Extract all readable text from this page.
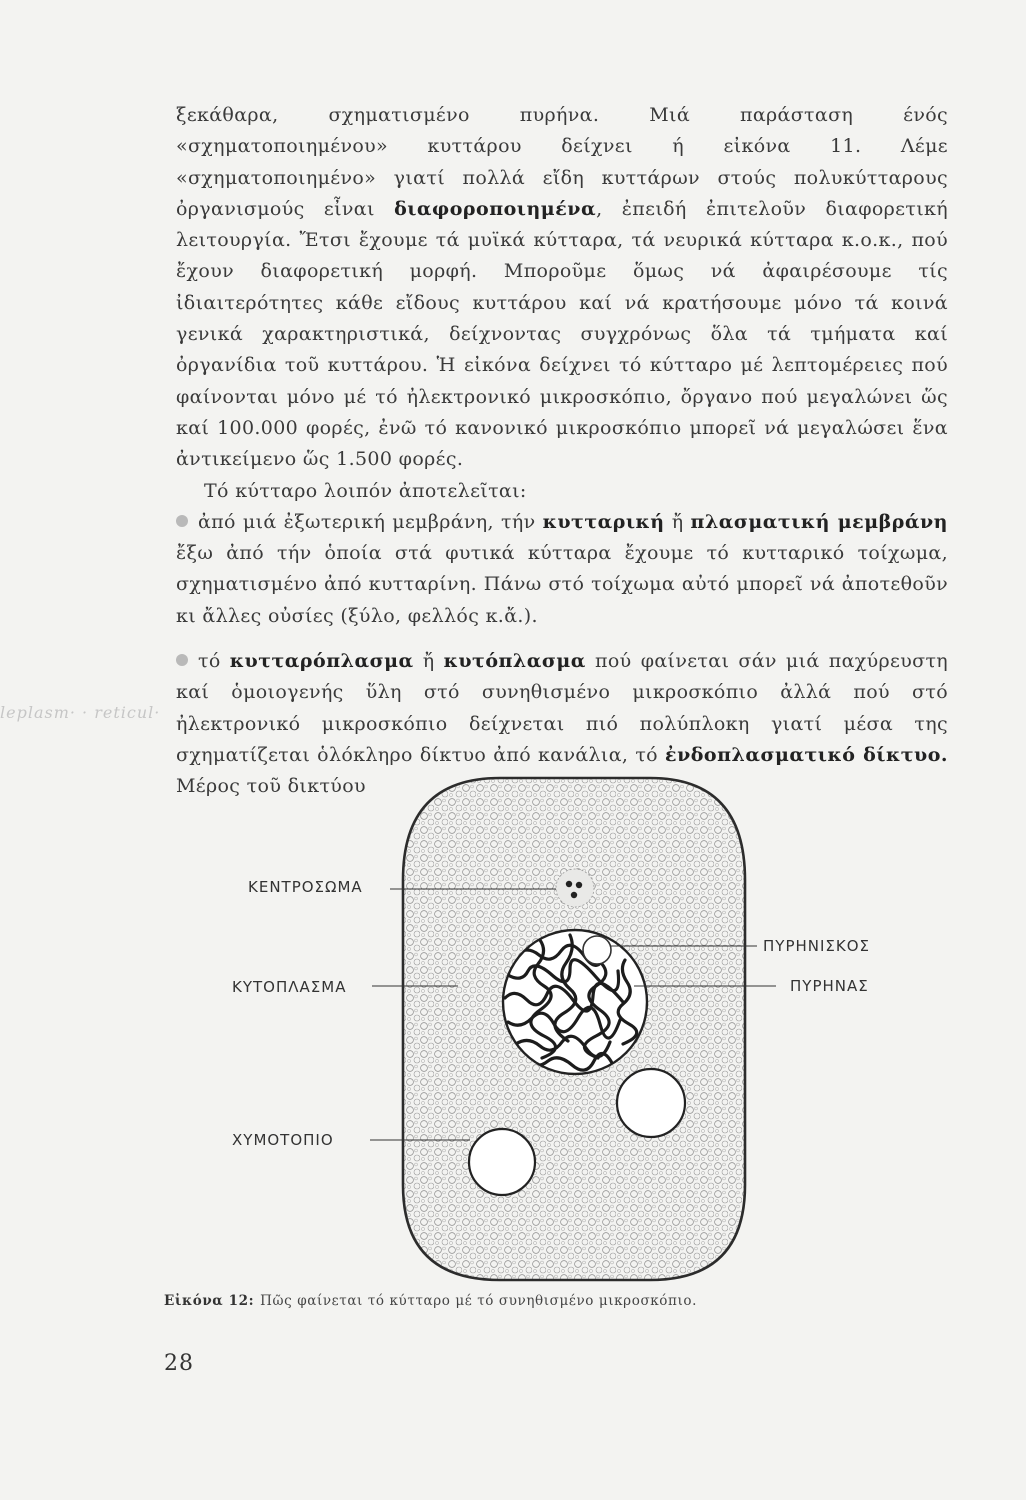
ξεκάθαρα, σχηματισμένο πυρήνα. Μιά παράσταση ένός «σχηματοποιημένου» κυττάρου δείχνει ή εἰκόνα 11. Λέμε «σχηματοποιημένο» γιατί πολλά εἴδη κυττάρων στούς πολυκύτταρους ὀργανισμούς εἶναι διαφοροποιημένα, ἐπειδή ἐπιτελοῦν διαφορετική λειτουργία. Ἔτσι ἔχουμε τά μυϊκά κύτταρα, τά νευρικά κύτταρα κ.ο.κ., πού ἔχουν διαφορετική μορφή. Μποροῦμε ὅμως νά ἀφαιρέσουμε τίς ἰδιαιτερότητες κάθε εἴδους κυττάρου καί νά κρατήσουμε μόνο τά κοινά γενικά χαρακτηριστικά, δείχνοντας συγχρόνως ὅλα τά τμήματα καί ὀργανίδια τοῦ κυττάρου. Ἡ εἰκόνα δείχνει τό κύτταρο μέ λεπτομέρειες πού φαίνονται μόνο μέ τό ἠλεκτρονικό μικροσκόπιο, ὄργανο πού μεγαλώνει ὥς καί 100.000 φορές, ἐνῶ τό κανονικό μικροσκόπιο μπορεῖ νά μεγαλώσει ἕνα ἀντικείμενο ὥς 1.500 φορές.

Τό κύτταρο λοιπόν ἀποτελεῖται:

ἀπό μιά ἐξωτερική μεμβράνη, τήν κυτταρική ἤ πλασματική μεμβράνη ἔξω ἀπό τήν ὁποία στά φυτικά κύτταρα ἔχουμε τό κυτταρικό τοίχωμα, σχηματισμένο ἀπό κυτταρίνη. Πάνω στό τοίχωμα αὐτό μπορεῖ νά ἀποτεθοῦν κι ἄλλες οὐσίες (ξύλο, φελλός κ.ἄ.).

τό κυτταρόπλασμα ἤ κυτόπλασμα πού φαίνεται σάν μιά παχύρευστη καί ὁμοιογενής ὕλη στό συνηθισμένο μικροσκόπιο ἀλλά πού στό ἠλεκτρονικό μικροσκόπιο δείχνεται πιό πολύπλοκη γιατί μέσα της σχηματίζεται ὁλόκληρο δίκτυο ἀπό κανάλια, τό ἐνδοπλασματικό δίκτυο. Μέρος τοῦ δικτύου

leplasm· · reticul·
ΚΕΝΤΡΟΣΩΜΑ
ΚΥΤΟΠΛΑΣΜΑ
ΧΥΜΟΤΟΠΙΟ
ΠΥΡΗΝΙΣΚΟΣ
ΠΥΡΗΝΑΣ
Εἰκόνα 12: Πῶς φαίνεται τό κύτταρο μέ τό συνηθισμένο μικροσκόπιο.
28
